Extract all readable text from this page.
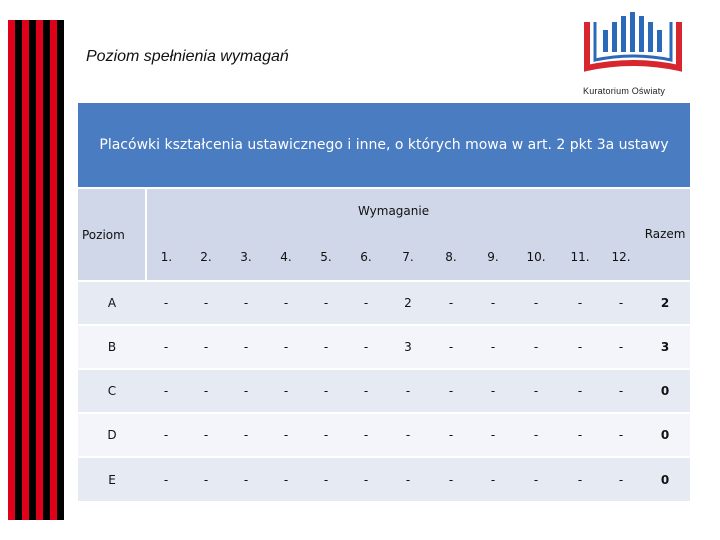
Poziom spełnienia wymagań
Kuratorium Oświaty
Placówki kształcenia ustawicznego i inne, o których mowa w art. 2 pkt 3a ustawy
Poziom	Wymaganie												Razem
	1.	2.	3.	4.	5.	6.	7.	8.	9.	10.	11.	12.	
A	-	-	-	-	-	-	2	-	-	-	-	-	2
B	-	-	-	-	-	-	3	-	-	-	-	-	3
C	-	-	-	-	-	-	-	-	-	-	-	-	0
D	-	-	-	-	-	-	-	-	-	-	-	-	0
E	-	-	-	-	-	-	-	-	-	-	-	-	0
